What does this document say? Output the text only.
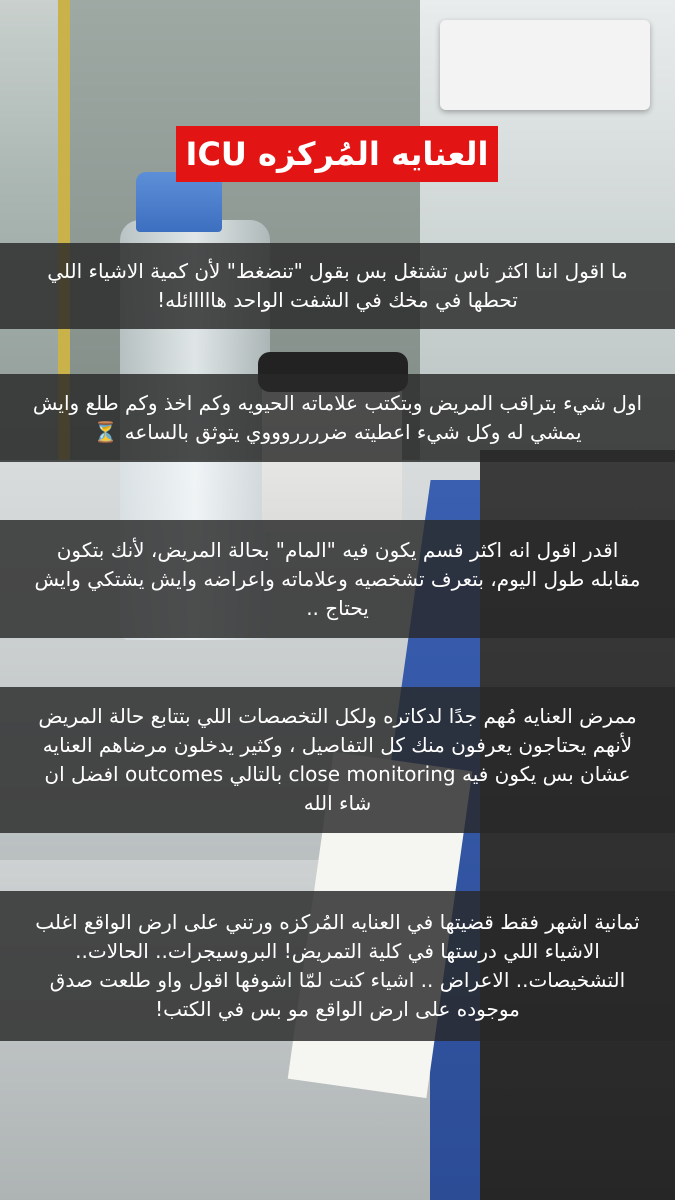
العنايه المُركزه ICU

ما اقول اننا اكثر ناس تشتغل بس بقول "تنضغط" لأن كمية الاشياء اللي تحطها في مخك في الشفت الواحد هااااائله!

اول شيء بتراقب المريض وبتكتب علاماته الحيويه وكم اخذ وكم طلع وايش يمشي له وكل شيء اعطيته ضرررروووي يتوثق بالساعه ⏳

اقدر اقول انه اكثر قسم يكون فيه "المام" بحالة المريض، لأنك بتكون مقابله طول اليوم، بتعرف تشخصيه وعلاماته واعراضه وايش يشتكي وايش يحتاج ..

ممرض العنايه مُهم جدًا لدكاتره ولكل التخصصات اللي بتتابع حالة المريض لأنهم يحتاجون يعرفون منك كل التفاصيل ، وكثير يدخلون مرضاهم العنايه عشان بس يكون فيه close monitoring بالتالي outcomes افضل ان شاء الله

ثمانية اشهر فقط قضيتها في العنايه المُركزه ورتني على ارض الواقع اغلب الاشياء اللي درستها في كلية التمريض! البروسيجرات.. الحالات.. التشخيصات.. الاعراض .. اشياء كنت لمّا اشوفها اقول واو طلعت صدق موجوده على ارض الواقع مو بس في الكتب!
